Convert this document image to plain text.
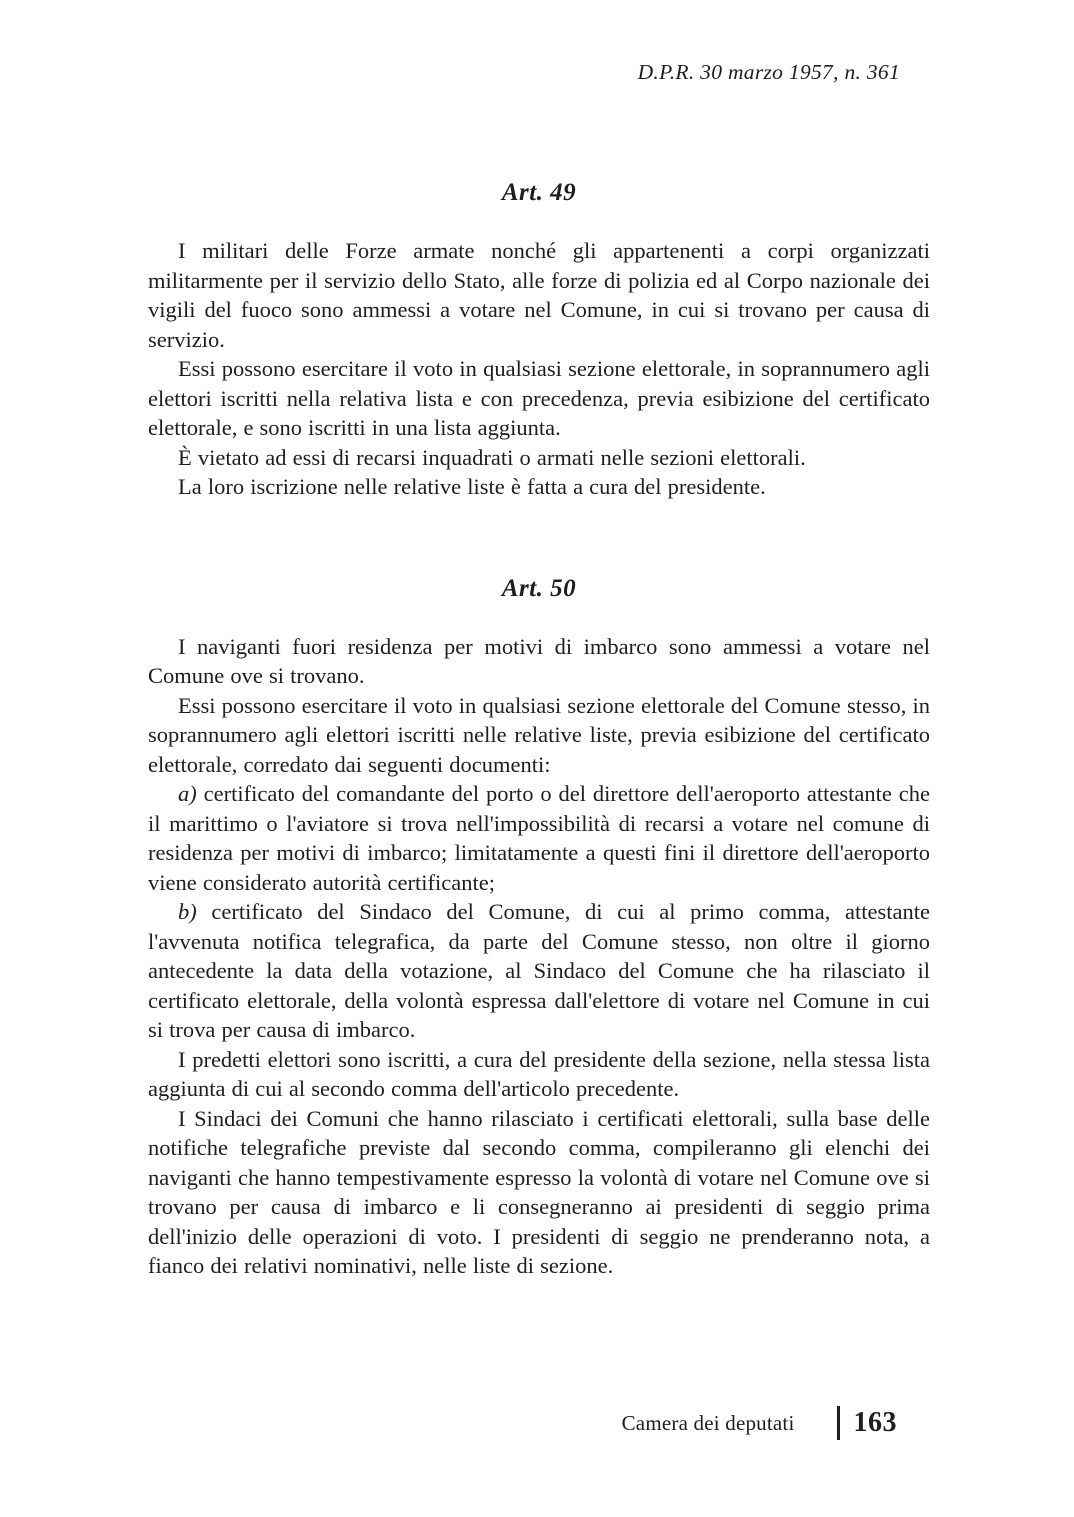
D.P.R. 30 marzo 1957, n. 361
Art. 49

I militari delle Forze armate nonché gli appartenenti a corpi organizzati militarmente per il servizio dello Stato, alle forze di polizia ed al Corpo nazionale dei vigili del fuoco sono ammessi a votare nel Comune, in cui si trovano per causa di servizio.

Essi possono esercitare il voto in qualsiasi sezione elettorale, in soprannumero agli elettori iscritti nella relativa lista e con precedenza, previa esibizione del certificato elettorale, e sono iscritti in una lista aggiunta.

È vietato ad essi di recarsi inquadrati o armati nelle sezioni elettorali.

La loro iscrizione nelle relative liste è fatta a cura del presidente.

Art. 50

I naviganti fuori residenza per motivi di imbarco sono ammessi a votare nel Comune ove si trovano.

Essi possono esercitare il voto in qualsiasi sezione elettorale del Comune stesso, in soprannumero agli elettori iscritti nelle relative liste, previa esibizione del certificato elettorale, corredato dai seguenti documenti:

a) certificato del comandante del porto o del direttore dell'aeroporto attestante che il marittimo o l'aviatore si trova nell'impossibilità di recarsi a votare nel comune di residenza per motivi di imbarco; limitatamente a questi fini il direttore dell'aeroporto viene considerato autorità certificante;

b) certificato del Sindaco del Comune, di cui al primo comma, attestante l'avvenuta notifica telegrafica, da parte del Comune stesso, non oltre il giorno antecedente la data della votazione, al Sindaco del Comune che ha rilasciato il certificato elettorale, della volontà espressa dall'elettore di votare nel Comune in cui si trova per causa di imbarco.

I predetti elettori sono iscritti, a cura del presidente della sezione, nella stessa lista aggiunta di cui al secondo comma dell'articolo precedente.

I Sindaci dei Comuni che hanno rilasciato i certificati elettorali, sulla base delle notifiche telegrafiche previste dal secondo comma, compileranno gli elenchi dei naviganti che hanno tempestivamente espresso la volontà di votare nel Comune ove si trovano per causa di imbarco e li consegneranno ai presidenti di seggio prima dell'inizio delle operazioni di voto. I presidenti di seggio ne prenderanno nota, a fianco dei relativi nominativi, nelle liste di sezione.

Camera dei deputati 163
